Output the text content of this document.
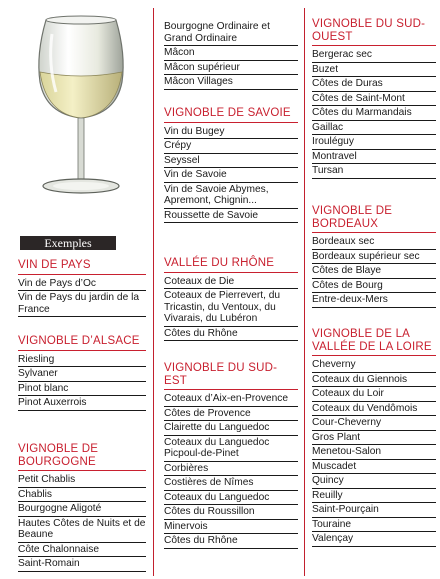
Exemples
VIN DE PAYS
Vin de Pays d’Oc
Vin de Pays du jardin de la France
VIGNOBLE D’ALSACE
Riesling
Sylvaner
Pinot blanc
Pinot Auxerrois
VIGNOBLE DE BOURGOGNE
Petit Chablis
Chablis
Bourgogne Aligoté
Hautes Côtes de Nuits et de Beaune
Côte Chalonnaise
Saint-Romain
Bourgogne Ordinaire et Grand Ordinaire
Mâcon
Mâcon supérieur
Mâcon Villages
VIGNOBLE DE SAVOIE
Vin du Bugey
Crépy
Seyssel
Vin de Savoie
Vin de Savoie Abymes, Apremont, Chignin...
Roussette de Savoie
VALLÉE DU RHÔNE
Coteaux de Die
Coteaux de Pierrevert, du Tricastin, du Ventoux, du Vivarais, du Lubéron
Côtes du Rhône
VIGNOBLE DU SUD-EST
Coteaux d’Aix-en-Provence
Côtes de Provence
Clairette du Languedoc
Coteaux du Languedoc Picpoul-de-Pinet
Corbières
Costières de Nîmes
Coteaux du Languedoc
Côtes du Roussillon
Minervois
Côtes du Rhône
VIGNOBLE DU SUD-OUEST
Bergerac sec
Buzet
Côtes de Duras
Côtes de Saint-Mont
Côtes du Marmandais
Gaillac
Irouléguy
Montravel
Tursan
VIGNOBLE DE BORDEAUX
Bordeaux sec
Bordeaux supérieur sec
Côtes de Blaye
Côtes de Bourg
Entre-deux-Mers
VIGNOBLE DE LA VALLÉE DE LA LOIRE
Cheverny
Coteaux du Giennois
Coteaux du Loir
Coteaux du Vendômois
Cour-Cheverny
Gros Plant
Menetou-Salon
Muscadet
Quincy
Reuilly
Saint-Pourçain
Touraine
Valençay
